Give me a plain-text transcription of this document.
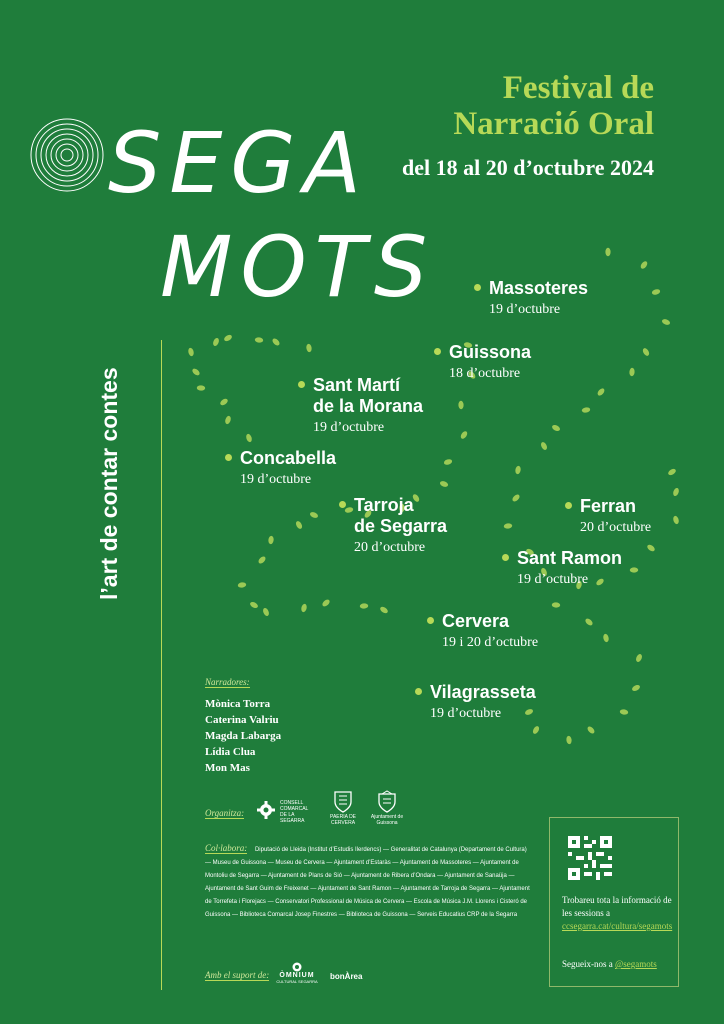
SEGA
MOTS
Festival de
Narració Oral
del 18 al 20 d’octubre 2024
l’art de contar contes
Massoteres
19 d’octubre
Guissona
18 d’octubre
Sant Martí
de la Morana
19 d’octubre
Concabella
19 d’octubre
Tarroja
de Segarra
20 d’octubre
Ferran
20 d’octubre
Sant Ramon
19 d’octubre
Cervera
19 i 20 d’octubre
Vilagrasseta
19 d’octubre
Narradores:
Mònica Torra
Caterina Valriu
Magda Labarga
Lídia Clua
Mon Mas
Organitza:
CONSELL COMARCAL DE LA SEGARRA
PAERIA DE CERVERA
Ajuntament de Guissona
Col·labora: Diputació de Lleida (Institut d’Estudis Ilerdencs) — Generalitat de Catalunya (Departament de Cultura) — Museu de Guissona — Museu de Cervera — Ajuntament d’Estaràs — Ajuntament de Massoteres — Ajuntament de Montoliu de Segarra — Ajuntament de Plans de Sió — Ajuntament de Ribera d’Ondara — Ajuntament de Sanaüja — Ajuntament de Sant Guim de Freixenet — Ajuntament de Sant Ramon — Ajuntament de Tarroja de Segarra — Ajuntament de Torrefeta i Florejacs — Conservatori Professional de Música de Cervera — Escola de Música J.M. Llorens i Cisteró de Guissona — Biblioteca Comarcal Josep Finestres — Biblioteca de Guissona — Serveis Educatius CRP de la Segarra
Amb el suport de:	ÒMNIUM
CULTURAL SEGARRA
bonÀrea
Trobareu tota la informació de les sessions a ccsegarra.cat/cultura/segamots
Segueix-nos a @segamots
